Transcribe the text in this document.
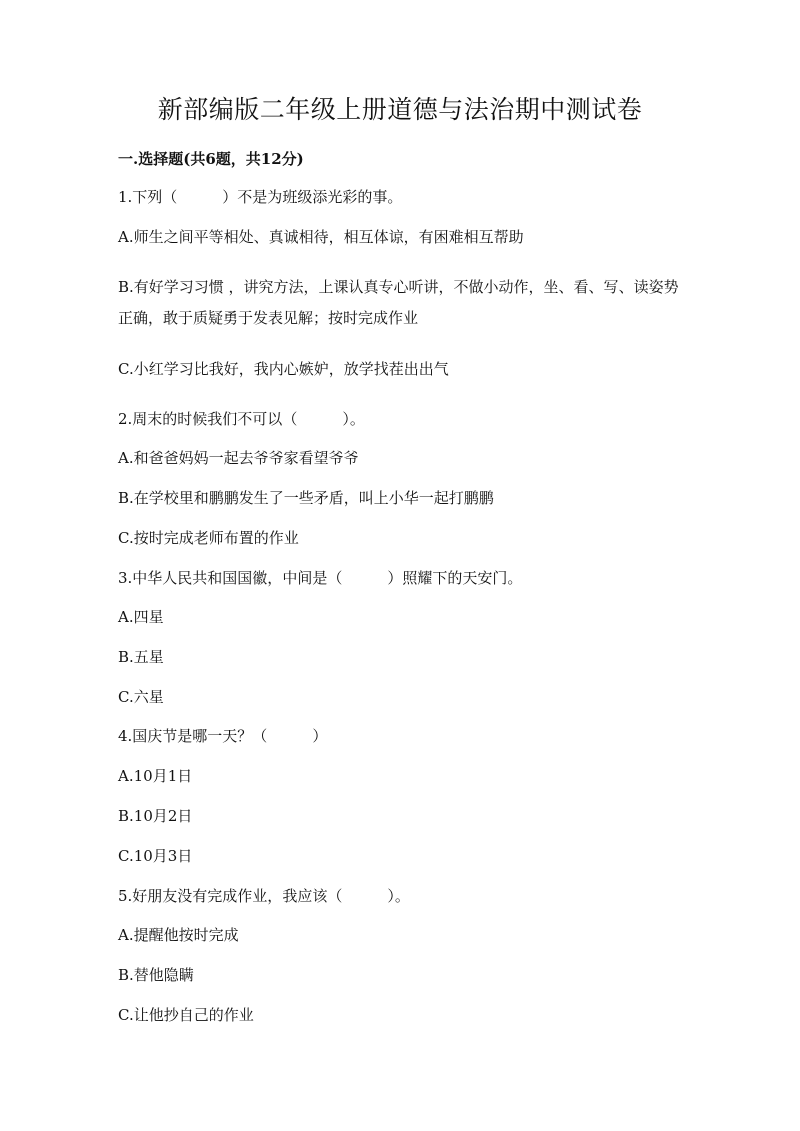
新部编版二年级上册道德与法治期中测试卷
一.选择题(共6题，共12分)
1.下列（　　　）不是为班级添光彩的事。
A.师生之间平等相处、真诚相待，相互体谅，有困难相互帮助
B.有好学习习惯 ，讲究方法，上课认真专心听讲，不做小动作，坐、看、写、读姿势正确，敢于质疑勇于发表见解；按时完成作业
C.小红学习比我好，我内心嫉妒，放学找茬出出气
2.周末的时候我们不可以（　　　）。
A.和爸爸妈妈一起去爷爷家看望爷爷
B.在学校里和鹏鹏发生了一些矛盾，叫上小华一起打鹏鹏
C.按时完成老师布置的作业
3.中华人民共和国国徽，中间是（　　　）照耀下的天安门。
A.四星
B.五星
C.六星
4.国庆节是哪一天？（　　　）
A.10月1日
B.10月2日
C.10月3日
5.好朋友没有完成作业，我应该（　　　）。
A.提醒他按时完成
B.替他隐瞒
C.让他抄自己的作业
